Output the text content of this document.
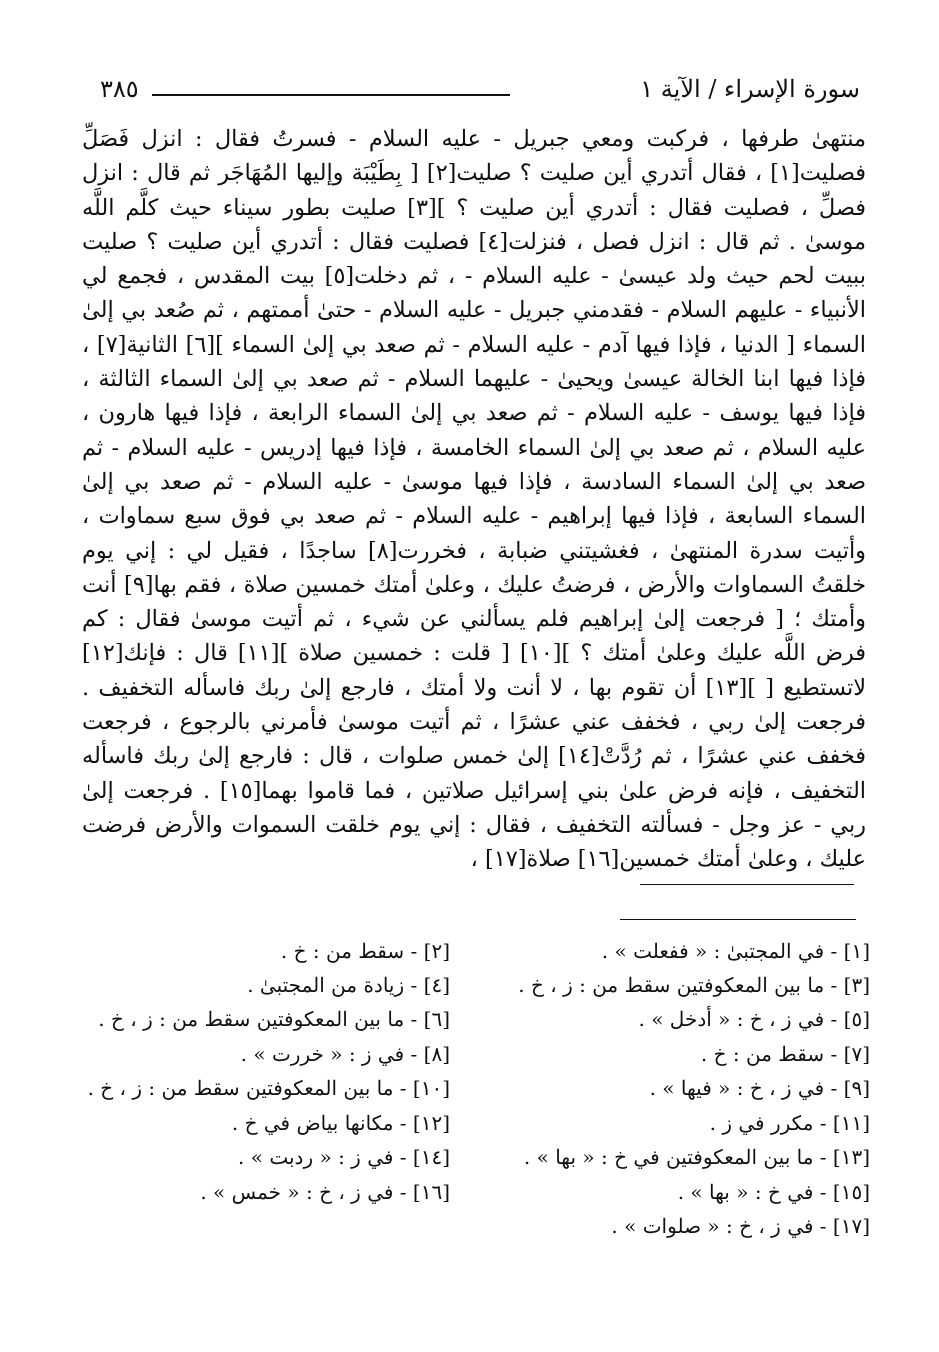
سورة الإسراء / الآية ١
٣٨٥
منتهىٰ طرفها ، فركبت ومعي جبريل - عليه السلام - فسرتُ فقال : انزل فَصَلِّ فصليت[١] ، فقال أتدري أين صليت ؟ صليت[٢] [ بِطَيْبَة وإليها المُهَاجَر ثم قال : انزل فصلِّ ، فصليت فقال : أتدري أين صليت ؟ ][٣] صليت بطور سيناء حيث كلَّم اللَّه موسىٰ . ثم قال : انزل فصل ، فنزلت[٤] فصليت فقال : أتدري أين صليت ؟ صليت ببيت لحم حيث ولد عيسىٰ - عليه السلام - ، ثم دخلت[٥] بيت المقدس ، فجمع لي الأنبياء - عليهم السلام - فقدمني جبريل - عليه السلام - حتىٰ أممتهم ، ثم صُعد بي إلىٰ السماء [ الدنيا ، فإذا فيها آدم - عليه السلام - ثم صعد بي إلىٰ السماء ][٦] الثانية[٧] ، فإذا فيها ابنا الخالة عيسىٰ ويحيىٰ - عليهما السلام - ثم صعد بي إلىٰ السماء الثالثة ، فإذا فيها يوسف - عليه السلام - ثم صعد بي إلىٰ السماء الرابعة ، فإذا فيها هارون ، عليه السلام ، ثم صعد بي إلىٰ السماء الخامسة ، فإذا فيها إدريس - عليه السلام - ثم صعد بي إلىٰ السماء السادسة ، فإذا فيها موسىٰ - عليه السلام - ثم صعد بي إلىٰ السماء السابعة ، فإذا فيها إبراهيم - عليه السلام - ثم صعد بي فوق سبع سماوات ، وأتيت سدرة المنتهىٰ ، فغشيتني ضبابة ، فخررت[٨] ساجدًا ، فقيل لي : إني يوم خلقتُ السماوات والأرض ، فرضتُ عليك ، وعلىٰ أمتك خمسين صلاة ، فقم بها[٩] أنت وأمتك ؛ [ فرجعت إلىٰ إبراهيم فلم يسألني عن شيء ، ثم أتيت موسىٰ فقال : كم فرض اللَّه عليك وعلىٰ أمتك ؟ ][١٠] [ قلت : خمسين صلاة ][١١] قال : فإنك[١٢] لاتستطيع [ ][١٣] أن تقوم بها ، لا أنت ولا أمتك ، فارجع إلىٰ ربك فاسأله التخفيف . فرجعت إلىٰ ربي ، فخفف عني عشرًا ، ثم أتيت موسىٰ فأمرني بالرجوع ، فرجعت فخفف عني عشرًا ، ثم رُدَّتْ[١٤] إلىٰ خمس صلوات ، قال : فارجع إلىٰ ربك فاسأله التخفيف ، فإنه فرض علىٰ بني إسرائيل صلاتين ، فما قاموا بهما[١٥] . فرجعت إلىٰ ربي - عز وجل - فسألته التخفيف ، فقال : إني يوم خلقت السموات والأرض فرضت عليك ، وعلىٰ أمتك خمسين[١٦] صلاة[١٧] ،
[١] - في المجتبىٰ : « ففعلت » .
[٢] - سقط من : خ .
[٣] - ما بين المعكوفتين سقط من : ز ، خ .
[٤] - زيادة من المجتبىٰ .
[٥] - في ز ، خ : « أدخل » .
[٦] - ما بين المعكوفتين سقط من : ز ، خ .
[٧] - سقط من : خ .
[٨] - في ز : « خررت » .
[٩] - في ز ، خ : « فيها » .
[١٠] - ما بين المعكوفتين سقط من : ز ، خ .
[١١] - مكرر في ز .
[١٢] - مكانها بياض في خ .
[١٣] - ما بين المعكوفتين في خ : « بها » .
[١٤] - في ز : « ردبت » .
[١٥] - في خ : « بها » .
[١٦] - في ز ، خ : « خمس » .
[١٧] - في ز ، خ : « صلوات » .
